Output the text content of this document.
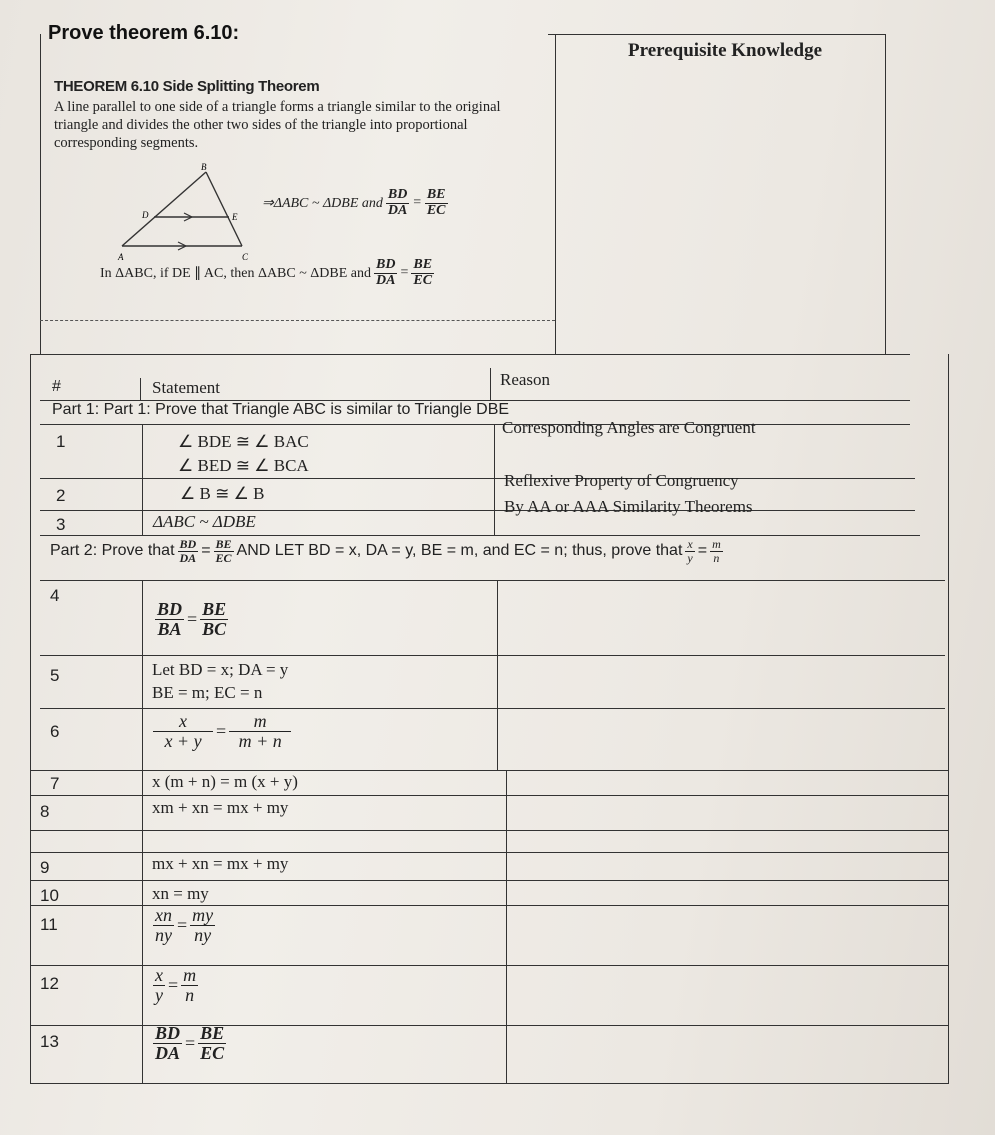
Prove theorem 6.10:
THEOREM 6.10 Side Splitting Theorem
A line parallel to one side of a triangle forms a triangle similar to the original triangle and divides the other two sides of the triangle into proportional corresponding segments.
B
D	E
A	C
⇒ΔABC ~ ΔDBE and $\frac{BD}{DA} = \frac{BE}{EC}$
In ΔABC, if DE ∥ AC, then ΔABC ~ ΔDBE and $\frac{BD}{DA} = \frac{BE}{EC}$
Prerequisite Knowledge
#	Statement	Reason
Part 1: Part 1: Prove that Triangle ABC is similar to Triangle DBE
1	∠ BDE ≅ ∠ BAC
∠ BED ≅ ∠ BCA
Corresponding Angles are Congruent
2	∠ B ≅ ∠ B
Reflexive Property of Congruency
3	ΔABC ~ ΔDBE
By AA or AAA Similarity Theorems
Part 2: Prove that $\frac{BD}{DA} = \frac{BE}{EC}$ AND LET BD = x, DA = y, BE = m, and EC = n; thus, prove that $\frac{x}{y} = \frac{m}{n}$
4
$\frac{BD}{BA} = \frac{BE}{BC}$
5	Let BD = x; DA = y
BE = m; EC = n
6	$\frac{x}{x + y} = \frac{m}{m + n}$
7	x (m + n) = m (x + y)
8	xm + xn = mx + my
9	mx + xn = mx + my
10	xn = my
11	$\frac{xn}{ny} = \frac{my}{ny}$
12	$\frac{x}{y} = \frac{m}{n}$
13	$\frac{BD}{DA} = \frac{BE}{EC}$
